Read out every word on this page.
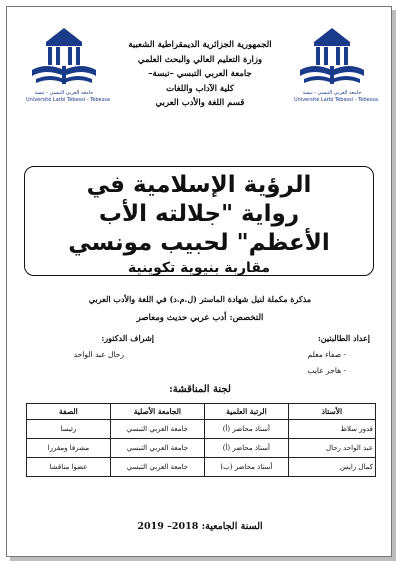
جامعة العربي التبسي - تبسة
Université Larbi Tébessi - Tébessa
جامعة العربي التبسي - تبسة
Université Larbi Tébessi - Tébessa
الجمهورية الجزائرية الديمقراطية الشعبية
وزارة التعليم العالي والبحث العلمي
جامعة العربي التبسي –تبسة–
كلية الآداب واللغات
قسم اللغة والأدب العربي
الرؤية الإسلامية في
رواية "جلالته الأب
الأعظم" لحبيب مونسي
مقاربة بنيوية تكوينية
مذكرة مكملة لنيل شهادة الماستر (ل.م.د) في اللغة والأدب العربي
التخصص: أدب عربي حديث ومعاصر
إعداد الطالبتين:
إشراف الدكتور:
- صفاء معلم
- هاجر عايب
رحال عبد الواحد
لجنة المناقشة:
الأستاذ	الرتبة العلمية	الجامعة الأصلية	الصفة
قدور سلاط	أستاذ محاضر (أ)	جامعة العربي التبسي	رئيسا
عبد الواحد رحال	أستاذ محاضر (أ)	جامعة العربي التبسي	مشرفا ومقررا
كمال رايس	أستاذ محاضر (ب)	جامعة العربي التبسي	عضوا مناقشا
السنة الجامعية: 2018– 2019
